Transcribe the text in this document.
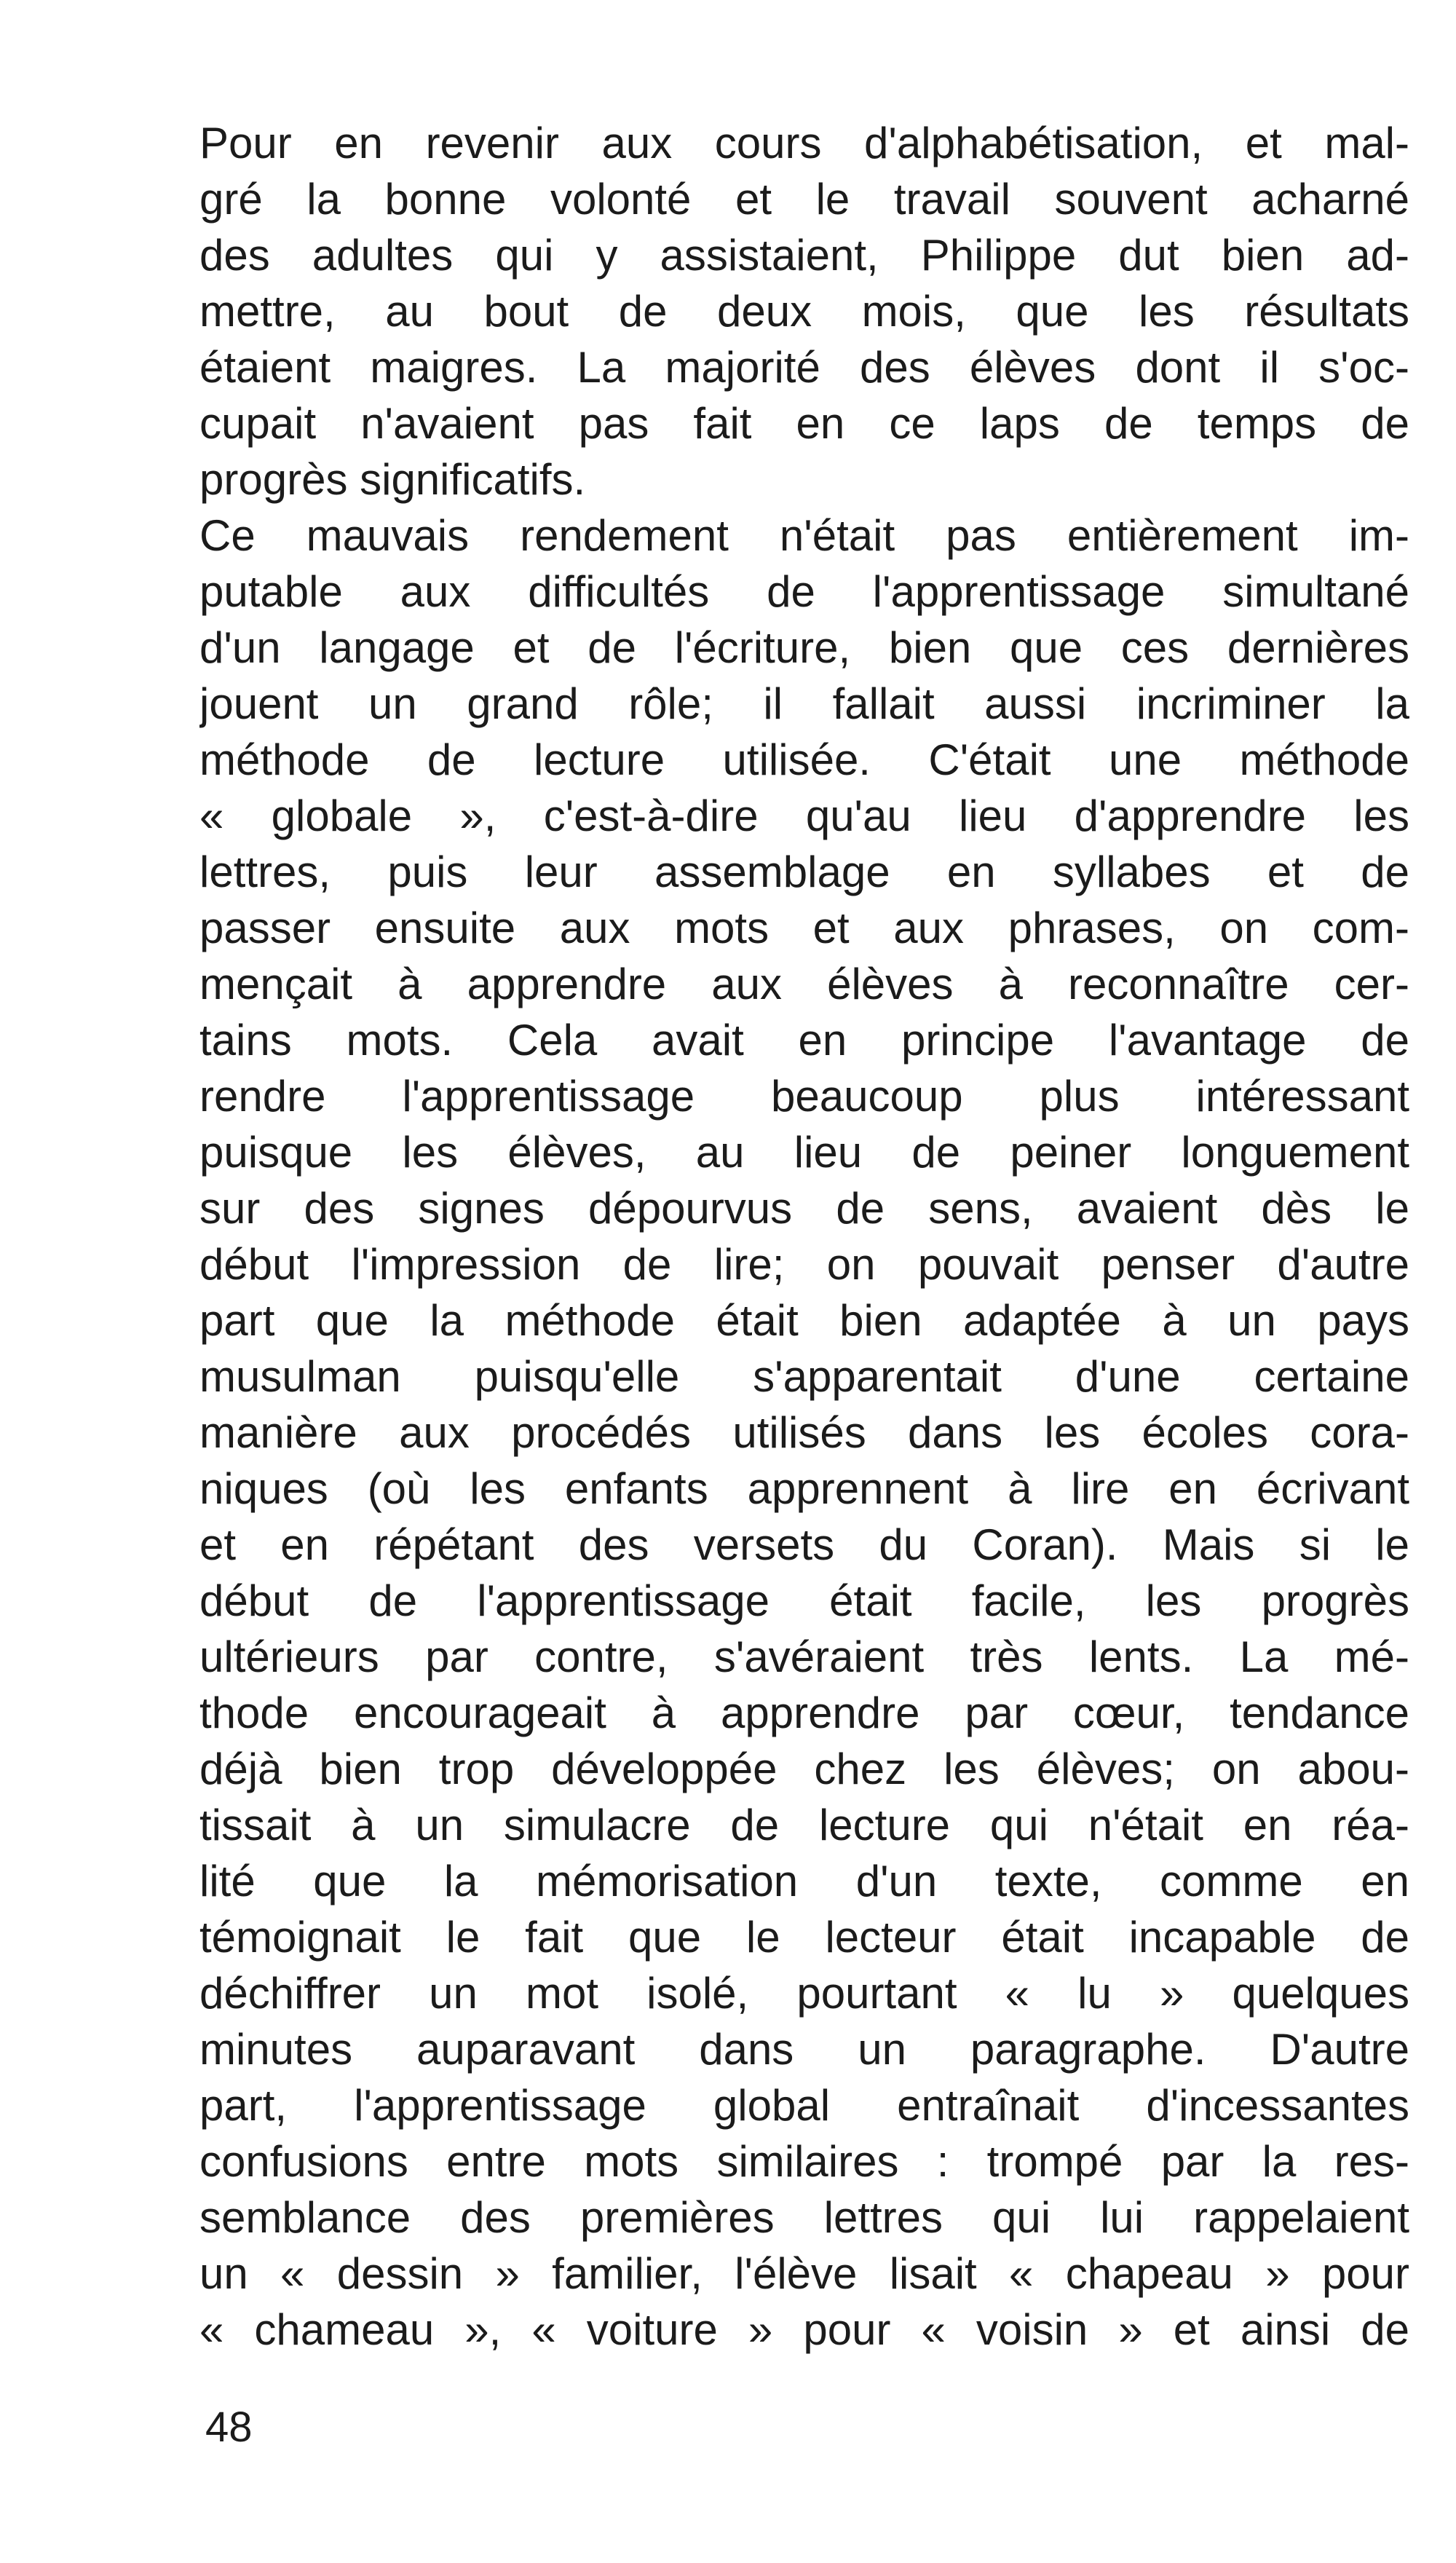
Pour en revenir aux cours d'alphabétisation, et mal-
gré la bonne volonté et le travail souvent acharné
des adultes qui y assistaient, Philippe dut bien ad-
mettre, au bout de deux mois, que les résultats
étaient maigres. La majorité des élèves dont il s'oc-
cupait n'avaient pas fait en ce laps de temps de
progrès significatifs.
Ce mauvais rendement n'était pas entièrement im-
putable aux difficultés de l'apprentissage simultané
d'un langage et de l'écriture, bien que ces dernières
jouent un grand rôle; il fallait aussi incriminer la
méthode de lecture utilisée. C'était une méthode
« globale », c'est-à-dire qu'au lieu d'apprendre les
lettres, puis leur assemblage en syllabes et de
passer ensuite aux mots et aux phrases, on com-
mençait à apprendre aux élèves à reconnaître cer-
tains mots. Cela avait en principe l'avantage de
rendre l'apprentissage beaucoup plus intéressant
puisque les élèves, au lieu de peiner longuement
sur des signes dépourvus de sens, avaient dès le
début l'impression de lire; on pouvait penser d'autre
part que la méthode était bien adaptée à un pays
musulman puisqu'elle s'apparentait d'une certaine
manière aux procédés utilisés dans les écoles cora-
niques (où les enfants apprennent à lire en écrivant
et en répétant des versets du Coran). Mais si le
début de l'apprentissage était facile, les progrès
ultérieurs par contre, s'avéraient très lents. La mé-
thode encourageait à apprendre par cœur, tendance
déjà bien trop développée chez les élèves; on abou-
tissait à un simulacre de lecture qui n'était en réa-
lité que la mémorisation d'un texte, comme en
témoignait le fait que le lecteur était incapable de
déchiffrer un mot isolé, pourtant « lu » quelques
minutes auparavant dans un paragraphe. D'autre
part, l'apprentissage global entraînait d'incessantes
confusions entre mots similaires : trompé par la res-
semblance des premières lettres qui lui rappelaient
un « dessin » familier, l'élève lisait « chapeau » pour
« chameau », « voiture » pour « voisin » et ainsi de
48
